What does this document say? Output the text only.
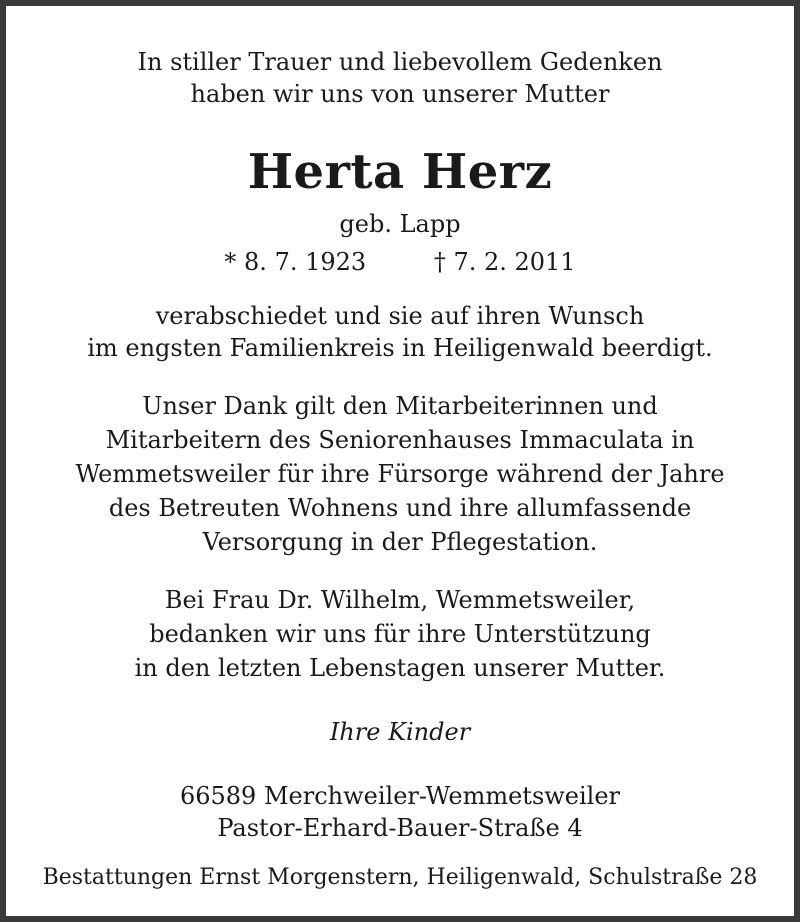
In stiller Trauer und liebevollem Gedenken
haben wir uns von unserer Mutter
Herta Herz
geb. Lapp
* 8. 7. 1923	† 7. 2. 2011
verabschiedet und sie auf ihren Wunsch
im engsten Familienkreis in Heiligenwald beerdigt.
Unser Dank gilt den Mitarbeiterinnen und
Mitarbeitern des Seniorenhauses Immaculata in
Wemmetsweiler für ihre Fürsorge während der Jahre
des Betreuten Wohnens und ihre allumfassende
Versorgung in der Pflegestation.
Bei Frau Dr. Wilhelm, Wemmetsweiler,
bedanken wir uns für ihre Unterstützung
in den letzten Lebenstagen unserer Mutter.
Ihre Kinder
66589 Merchweiler-Wemmetsweiler
Pastor-Erhard-Bauer-Straße 4
Bestattungen Ernst Morgenstern, Heiligenwald, Schulstraße 28
